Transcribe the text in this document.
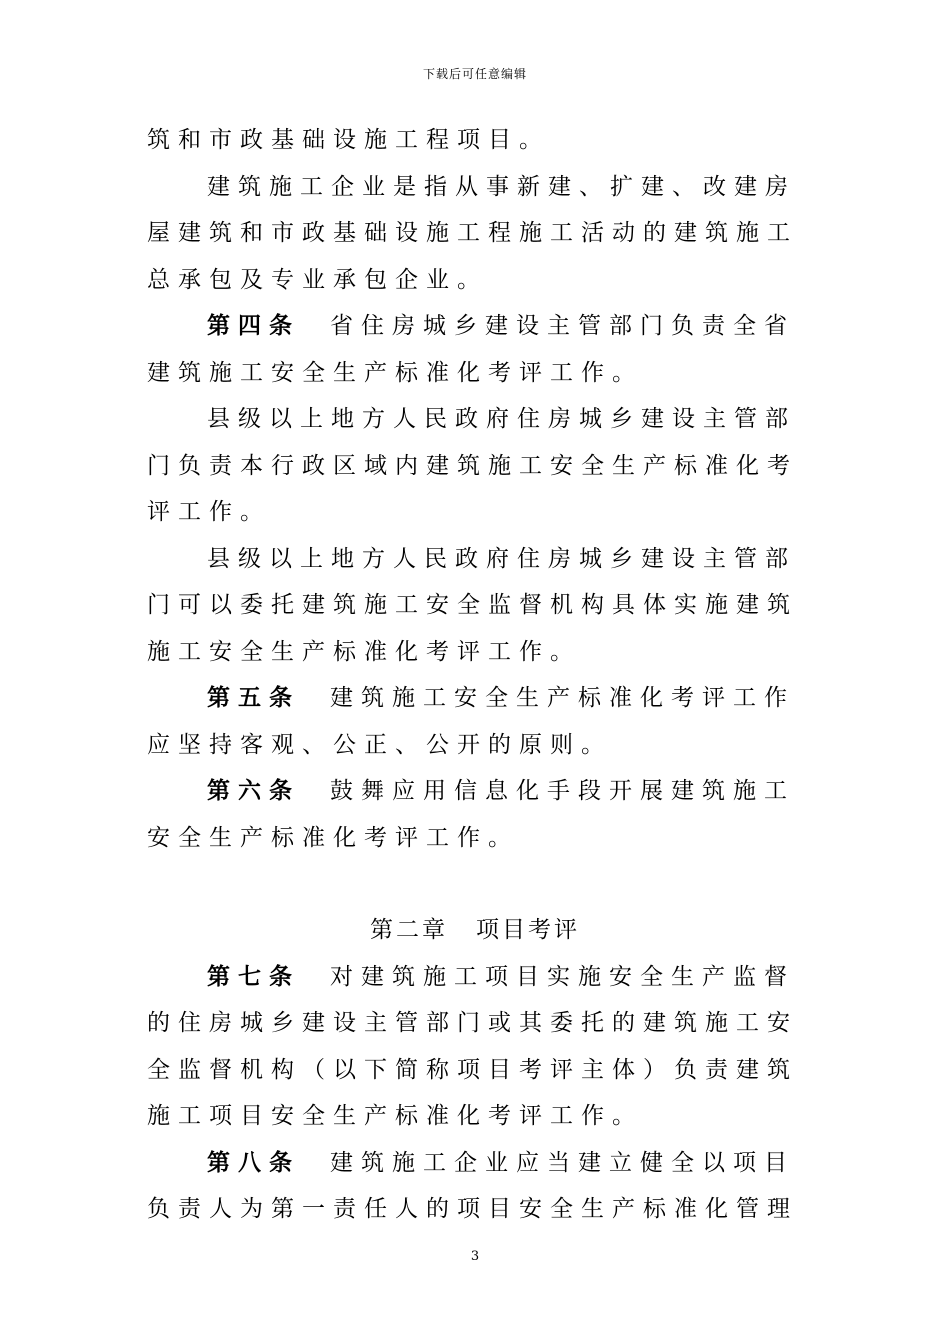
下载后可任意编辑
筑和市政基础设施工程项目。
建筑施工企业是指从事新建、扩建、改建房
屋建筑和市政基础设施工程施工活动的建筑施工
总承包及专业承包企业。
第四条 省住房城乡建设主管部门负责全省
建筑施工安全生产标准化考评工作。
县级以上地方人民政府住房城乡建设主管部
门负责本行政区域内建筑施工安全生产标准化考
评工作。
县级以上地方人民政府住房城乡建设主管部
门可以委托建筑施工安全监督机构具体实施建筑
施工安全生产标准化考评工作。
第五条 建筑施工安全生产标准化考评工作
应坚持客观、公正、公开的原则。
第六条 鼓舞应用信息化手段开展建筑施工
安全生产标准化考评工作。
第二章 项目考评
第七条 对建筑施工项目实施安全生产监督
的住房城乡建设主管部门或其委托的建筑施工安
全监督机构（以下简称项目考评主体）负责建筑
施工项目安全生产标准化考评工作。
第八条 建筑施工企业应当建立健全以项目
负责人为第一责任人的项目安全生产标准化管理
3
